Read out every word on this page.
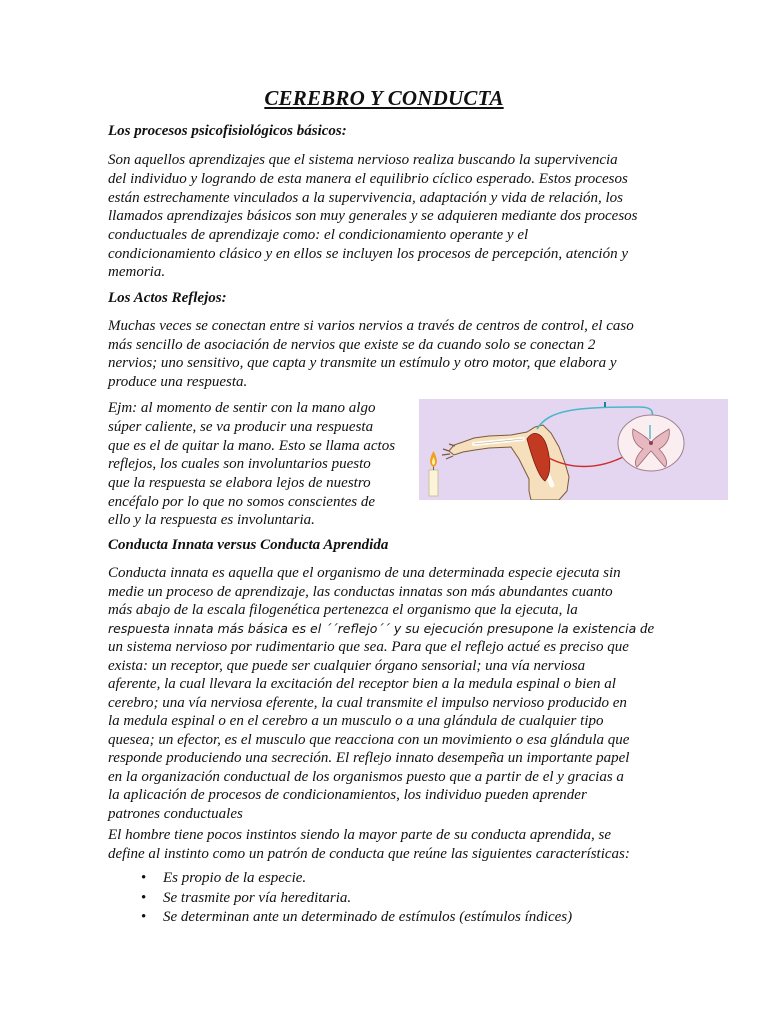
CEREBRO Y CONDUCTA

Los procesos psicofisiológicos básicos:

Son aquellos aprendizajes que el sistema nervioso realiza buscando la supervivencia

del individuo y logrando de esta manera el equilibrio cíclico esperado. Estos procesos

están estrechamente vinculados a la supervivencia, adaptación y vida de relación, los

llamados aprendizajes básicos son muy generales y se adquieren mediante dos procesos

conductuales de aprendizaje como: el condicionamiento operante y el

condicionamiento clásico y en ellos se incluyen los procesos de percepción, atención y

memoria.

Los Actos Reflejos:

Muchas veces se conectan entre si varios nervios a través de centros de control, el caso

más sencillo de asociación de nervios que existe se da cuando solo se conectan 2

nervios; uno sensitivo, que capta y transmite un estímulo y otro motor, que elabora y

produce una respuesta.

Ejm: al momento de sentir con la mano algo

súper caliente, se va producir una respuesta

que es el de quitar la mano. Esto se llama actos

reflejos, los cuales son involuntarios puesto

que la respuesta se elabora lejos de nuestro

encéfalo por lo que no somos conscientes de

ello y la respuesta es involuntaria.

Conducta Innata versus Conducta Aprendida

Conducta innata es aquella que el organismo de una determinada especie ejecuta sin

medie un proceso de aprendizaje, las conductas innatas son más abundantes cuanto

más abajo de la escala filogenética pertenezca el organismo que la ejecuta, la

respuesta innata más básica es el ´´reflejo´´ y su ejecución presupone la existencia de

un sistema nervioso por rudimentario que sea. Para que el reflejo actué es preciso que

exista: un receptor, que puede ser cualquier órgano sensorial; una vía nerviosa

aferente, la cual llevara la excitación del receptor bien a la medula espinal o bien al

cerebro; una vía nerviosa eferente, la cual transmite el impulso nervioso producido en

la medula espinal o en el cerebro a un musculo o a una glándula de cualquier tipo

quesea; un efector, es el musculo que reacciona con un movimiento o esa glándula que

responde produciendo una secreción. El reflejo innato desempeña un importante papel

en la organización conductual de los organismos puesto que a partir de el y gracias a

la aplicación de procesos de condicionamientos, los individuo pueden aprender

patrones conductuales

El hombre tiene pocos instintos siendo la mayor parte de su conducta aprendida, se

define al instinto como un patrón de conducta que reúne las siguientes características:

• Es propio de la especie.
• Se trasmite por vía hereditaria.
• Se determinan ante un determinado de estímulos (estímulos índices)
